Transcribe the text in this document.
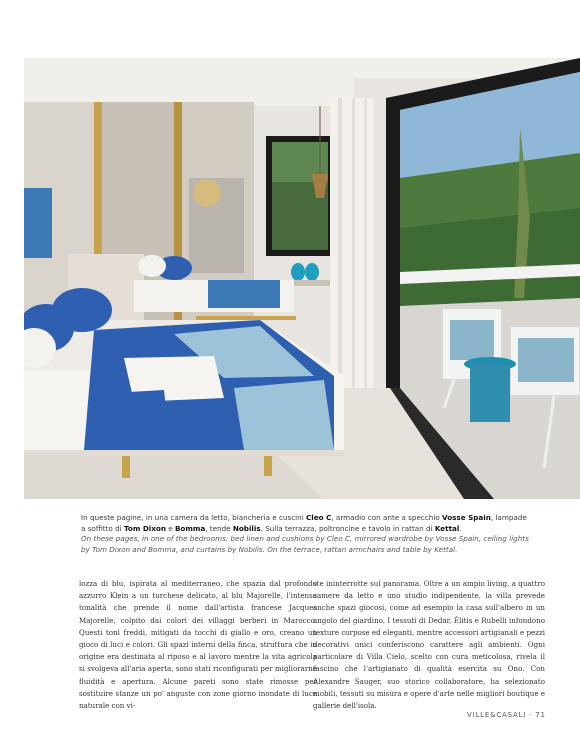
In queste pagine, in una camera da letto, biancheria e cuscini Cleo C, armadio con ante a specchio Vosse Spain, lampade a soffitto di Tom Dixon e Bomma, tende Nobilis. Sulla terrazza, poltroncine e tavolo in rattan di Kettal.
On these pages, in one of the bedrooms: bed linen and cushions by Cleo C, mirrored wardrobe by Vosse Spain, ceiling lights by Tom Dixon and Bomma, and curtains by Nobilis. On the terrace, rattan armchairs and table by Kettal.
lozza di blu, ispirata al mediterraneo, che spazia dal profondo azzurro Klein a un turchese delicato, al blu Majorelle, l'intensa tonalità che prende il nome dall'artista francese Jacques Majorelle, colpito dai colori dei villaggi berberi in Marocco. Questi toni freddi, mitigati da tocchi di giallo e oro, creano un gioco di luci e colori. Gli spazi interni della finca, struttura che in origine era destinata al riposo e al lavoro mentre la vita agricola si svolgeva all'aria aperta, sono stati riconfigurati per migliorarne fluidità e apertura. Alcune pareti sono state rimosse per sostituire stanze un po' anguste con zone giorno inondate di luce naturale con vi-
ste ininterrotte sul panorama. Oltre a un ampio living, a quattro camere da letto e uno studio indipendente, la villa prevede anche spazi giocosi, come ad esempio la casa sull'albero in un angolo del giardino. I tessuti di Dedar, Élitis e Rubelli infondono texture corpose ed eleganti, mentre accessori artigianali e pezzi decorativi unici conferiscono carattere agli ambienti. Ogni particolare di Villa Cielo, scelto con cura meticolosa, rivela il fascino che l'artigianato di qualità esercita su Ono. Con Alexandre Sauger, suo storico collaboratore, ha selezionato mobili, tessuti su misura e opere d'arte nelle migliori boutique e gallerie dell'isola.
VILLE&CASALI · 71
